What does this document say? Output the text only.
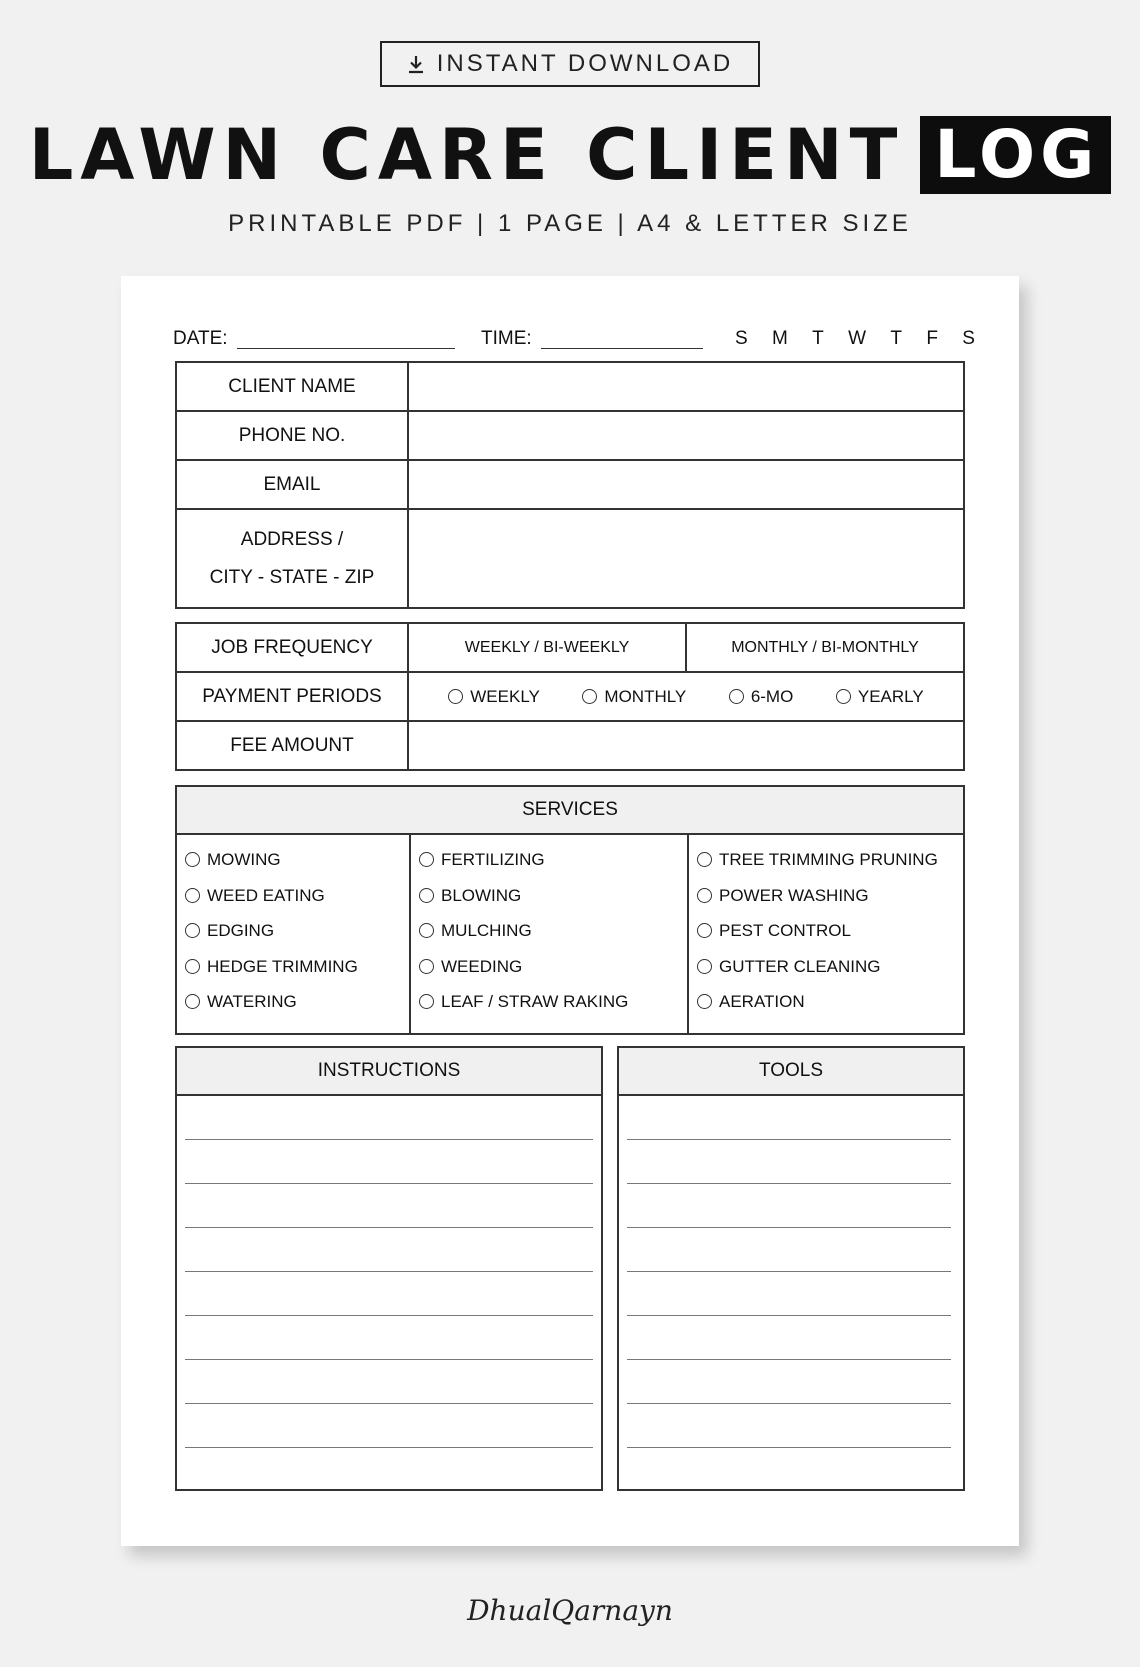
INSTANT DOWNLOAD
LAWN CARE CLIENT LOG
PRINTABLE PDF | 1 PAGE | A4 & LETTER SIZE
DATE:	TIME:	S M T W T F S
CLIENT NAME	
PHONE NO.	
EMAIL	

ADDRESS /
CITY - STATE - ZIP	

JOB FREQUENCY	WEEKLY / BI-WEEKLY	MONTHLY / BI-MONTHLY
PAYMENT PERIODS	WEEKLY MONTHLY 6-MO YEARLY	

FEE AMOUNT		
SERVICES
MOWING
WEED EATING
EDGING
HEDGE TRIMMING
WATERING
FERTILIZING
BLOWING
MULCHING
WEEDING
LEAF / STRAW RAKING
TREE TRIMMING PRUNING
POWER WASHING
PEST CONTROL
GUTTER CLEANING
AERATION
INSTRUCTIONS	TOOLS
DhualQarnayn
